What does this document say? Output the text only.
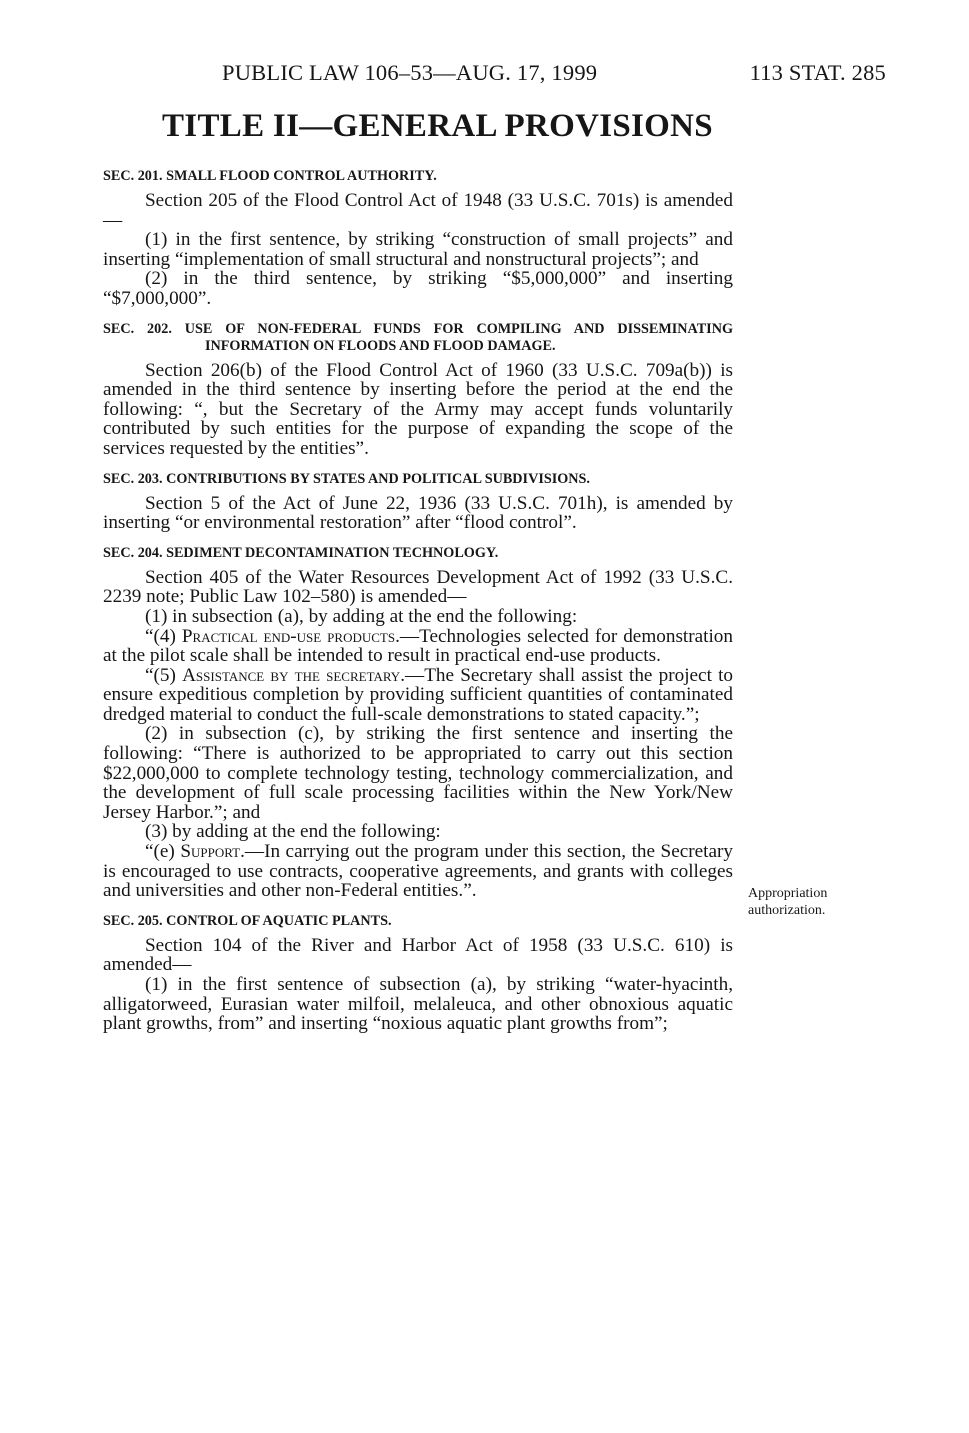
PUBLIC LAW 106–53—AUG. 17, 1999	113 STAT. 285
TITLE II—GENERAL PROVISIONS
SEC. 201. SMALL FLOOD CONTROL AUTHORITY.

Section 205 of the Flood Control Act of 1948 (33 U.S.C. 701s) is amended—

(1) in the first sentence, by striking “construction of small projects” and inserting “implementation of small structural and nonstructural projects”; and

(2) in the third sentence, by striking “$5,000,000” and inserting “$7,000,000”.

SEC. 202. USE OF NON-FEDERAL FUNDS FOR COMPILING AND DISSEMINATING INFORMATION ON FLOODS AND FLOOD DAMAGE.

Section 206(b) of the Flood Control Act of 1960 (33 U.S.C. 709a(b)) is amended in the third sentence by inserting before the period at the end the following: “, but the Secretary of the Army may accept funds voluntarily contributed by such entities for the purpose of expanding the scope of the services requested by the entities”.

SEC. 203. CONTRIBUTIONS BY STATES AND POLITICAL SUBDIVISIONS.

Section 5 of the Act of June 22, 1936 (33 U.S.C. 701h), is amended by inserting “or environmental restoration” after “flood control”.

SEC. 204. SEDIMENT DECONTAMINATION TECHNOLOGY.

Section 405 of the Water Resources Development Act of 1992 (33 U.S.C. 2239 note; Public Law 102–580) is amended—

(1) in subsection (a), by adding at the end the following:

“(4) Practical end-use products.—Technologies selected for demonstration at the pilot scale shall be intended to result in practical end-use products.

“(5) Assistance by the secretary.—The Secretary shall assist the project to ensure expeditious completion by providing sufficient quantities of contaminated dredged material to conduct the full-scale demonstrations to stated capacity.”;

(2) in subsection (c), by striking the first sentence and inserting the following: “There is authorized to be appropriated to carry out this section $22,000,000 to complete technology testing, technology commercialization, and the development of full scale processing facilities within the New York/New Jersey Harbor.”; and

(3) by adding at the end the following:

“(e) Support.—In carrying out the program under this section, the Secretary is encouraged to use contracts, cooperative agreements, and grants with colleges and universities and other non-Federal entities.”.

SEC. 205. CONTROL OF AQUATIC PLANTS.

Section 104 of the River and Harbor Act of 1958 (33 U.S.C. 610) is amended—

(1) in the first sentence of subsection (a), by striking “water-hyacinth, alligatorweed, Eurasian water milfoil, melaleuca, and other obnoxious aquatic plant growths, from” and inserting “noxious aquatic plant growths from”;

Appropriation authorization.
